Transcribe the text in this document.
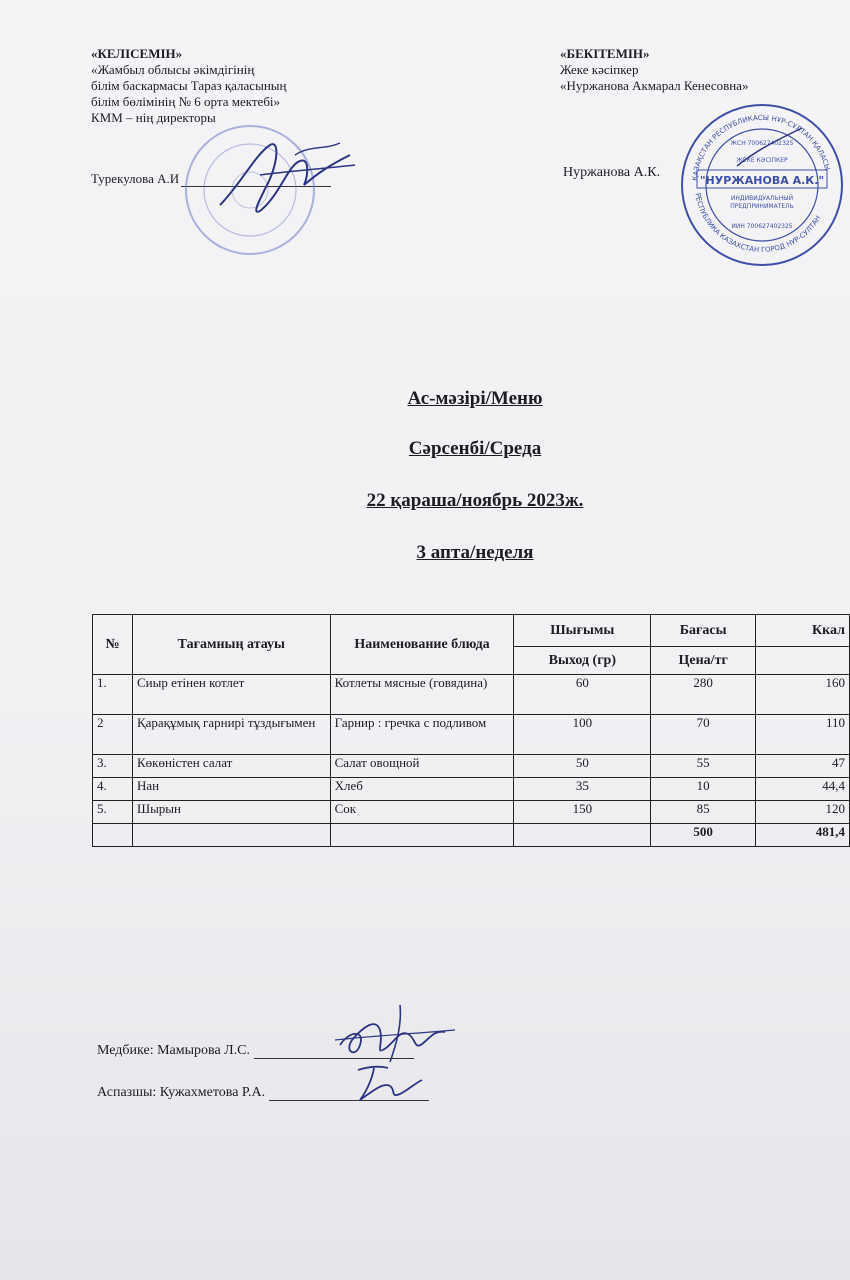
«КЕЛІСЕМІН»
«Жамбыл облысы әкімдігінің
білім баскармасы Тараз қаласының
білім бөлімінің № 6 орта мектебі»
КММ – нің директоры
Турекулова А.И
«БЕКІТЕМІН»
Жеке кәсіпкер
«Нуржанова Акмарал Кенесовна»
Нуржанова А.К.	ҚАЗАҚСТАН РЕСПУБЛИКАСЫ НҰР-СҰЛТАН ҚАЛАСЫ
РЕСПУБЛИКА КАЗАХСТАН ГОРОД НУР-СУЛТАН
ЖСН 700627402325
ЖЕКЕ КӘСІПКЕР
"НУРЖАНОВА А.К."
ИНДИВИДУАЛЬНЫЙ
ПРЕДПРИНИМАТЕЛЬ
ИИН 700627402325
Ас-мәзірі/Меню
Сәрсенбі/Среда
22 қараша/ноябрь 2023ж.
3 апта/неделя
№	Тағамның атауы	Наименование блюда	Шығымы	Бағасы	Ккал
			Выход (гр)	Цена/тг	
1.	Сиыр етінен котлет	Котлеты мясные (говядина)	60	280	160
2	Қарақұмық гарнирі тұздығымен	Гарнир : гречка с подливом	100	70	110
3.	Көкөністен салат	Салат овощной	50	55	47
4.	Нан	Хлеб	35	10	44,4
5.	Шырын	Сок	150	85	120
				500	481,4
Медбике: Мамырова Л.С.
Аспазшы: Кужахметова Р.А.
